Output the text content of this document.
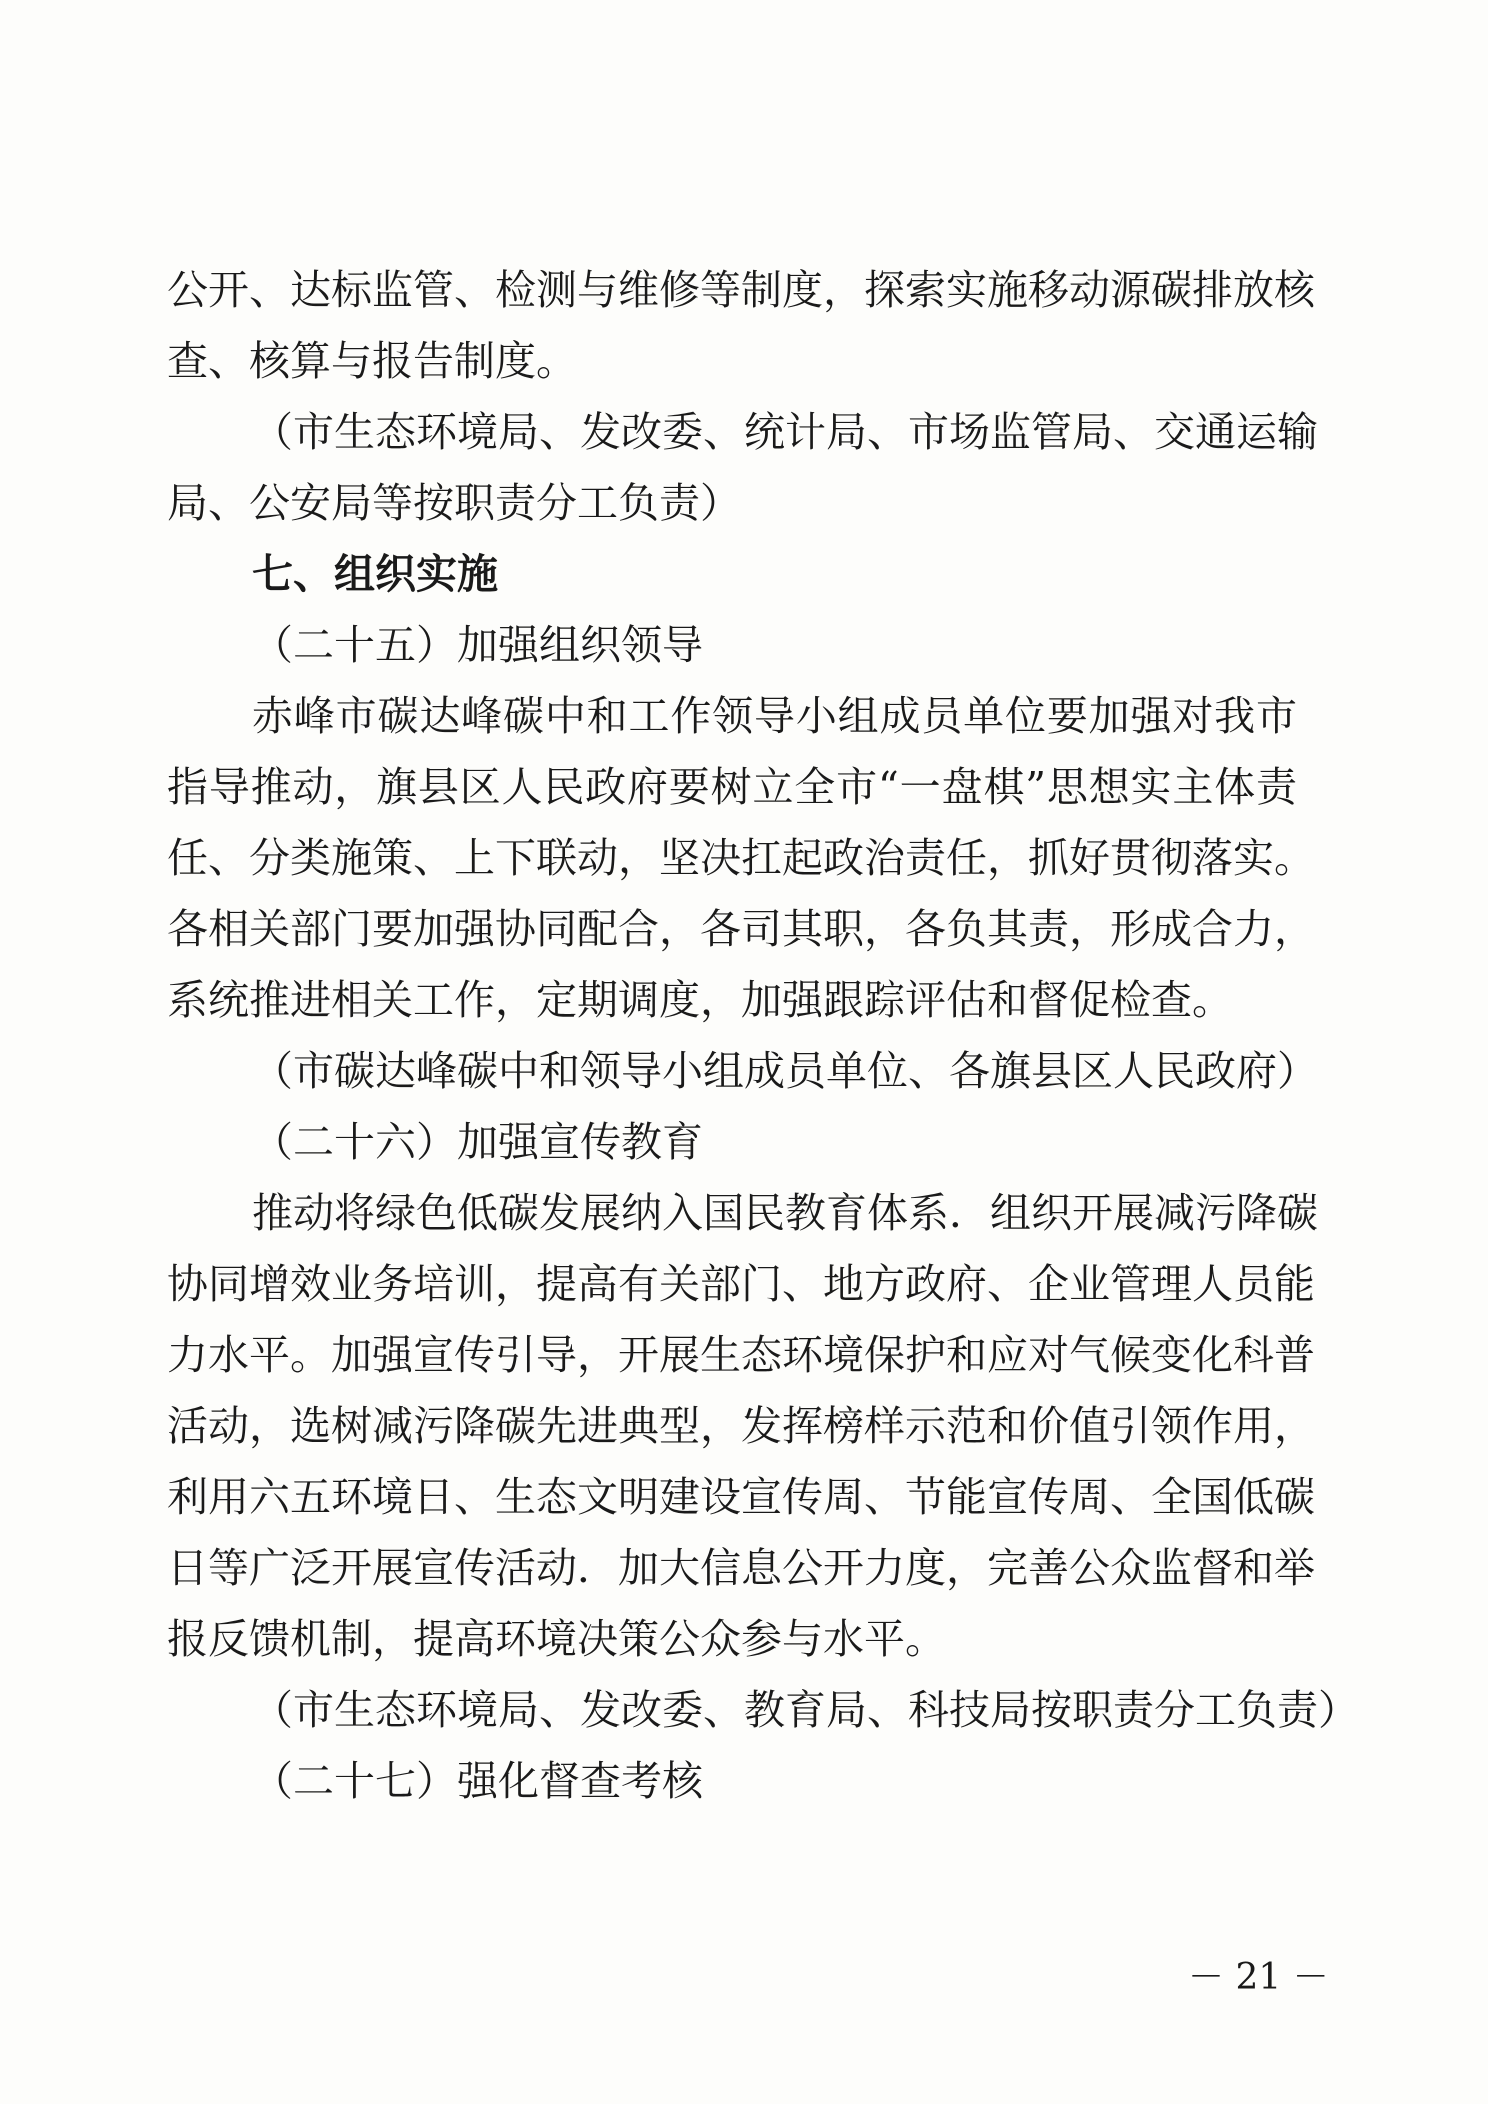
公开、达标监管、检测与维修等制度，探索实施移动源碳排放核
查、核算与报告制度。
（市生态环境局、发改委、统计局、市场监管局、交通运输
局、公安局等按职责分工负责）
七、组织实施
（二十五）加强组织领导
赤峰市碳达峰碳中和工作领导小组成员单位要加强对我市
指导推动，旗县区人民政府要树立全市“一盘棋”思想实主体责
任、分类施策、上下联动，坚决扛起政治责任，抓好贯彻落实。
各相关部门要加强协同配合，各司其职，各负其责，形成合力，
系统推进相关工作，定期调度，加强跟踪评估和督促检查。
（市碳达峰碳中和领导小组成员单位、各旗县区人民政府）
（二十六）加强宣传教育
推动将绿色低碳发展纳入国民教育体系．组织开展减污降碳
协同增效业务培训，提高有关部门、地方政府、企业管理人员能
力水平。加强宣传引导，开展生态环境保护和应对气候变化科普
活动，选树减污降碳先进典型，发挥榜样示范和价值引领作用，
利用六五环境日、生态文明建设宣传周、节能宣传周、全国低碳
日等广泛开展宣传活动．加大信息公开力度，完善公众监督和举
报反馈机制，提高环境决策公众参与水平。
（市生态环境局、发改委、教育局、科技局按职责分工负责）
（二十七）强化督查考核
－ 21 －
